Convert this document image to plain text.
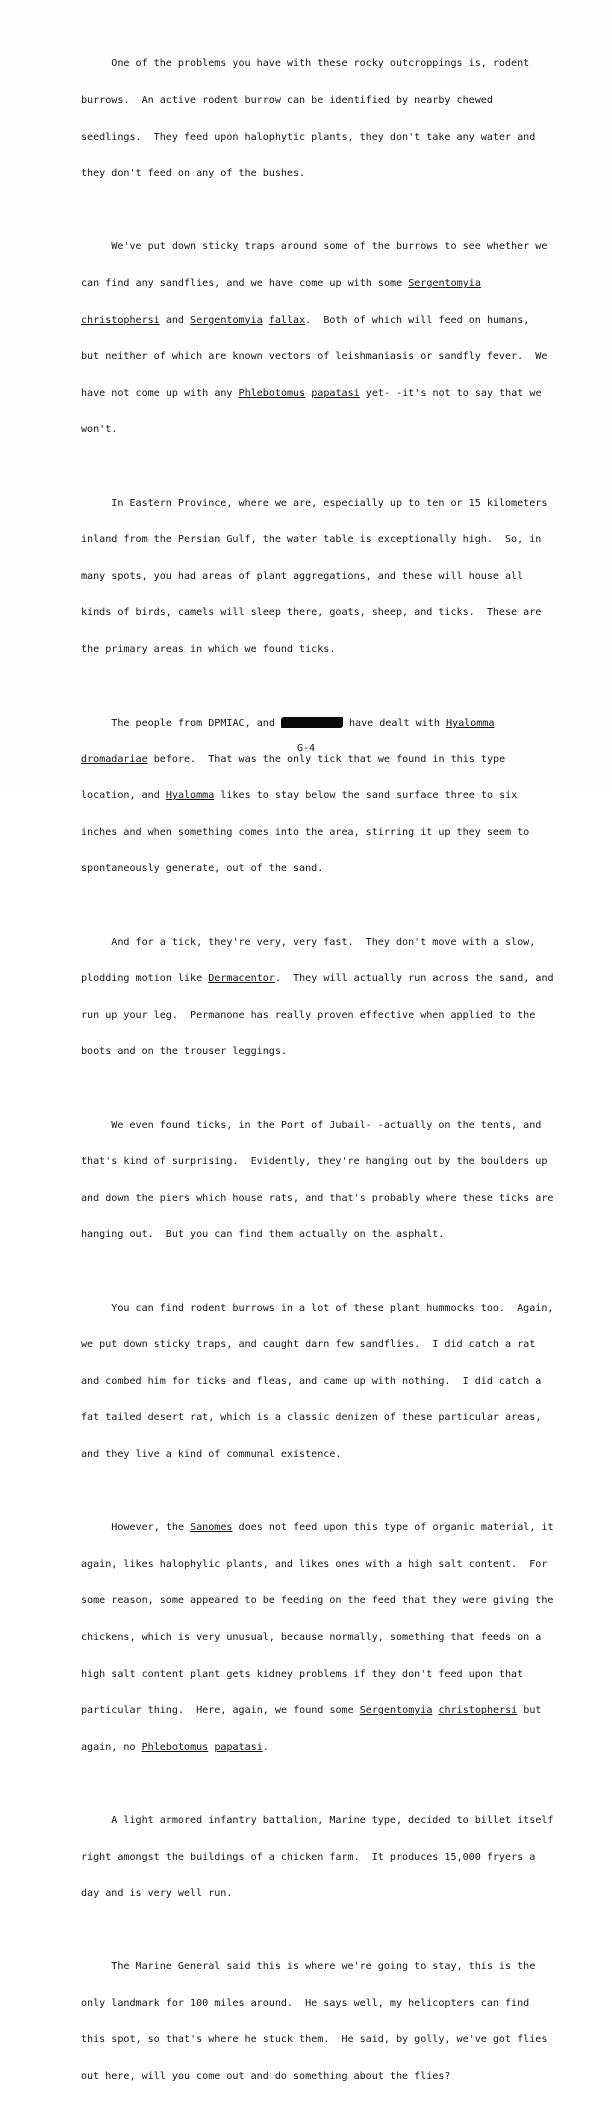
One of the problems you have with these rocky outcroppings is, rodent

burrows.  An active rodent burrow can be identified by nearby chewed

seedlings.  They feed upon halophytic plants, they don't take any water and

they don't feed on any of the bushes.

We've put down sticky traps around some of the burrows to see whether we

can find any sandflies, and we have come up with some Sergentomyia

christophersi and Sergentomyia fallax.  Both of which will feed on humans,

but neither of which are known vectors of leishmaniasis or sandfly fever.  We

have not come up with any Phlebotomus papatasi yet- -it's not to say that we

won't.

In Eastern Province, where we are, especially up to ten or 15 kilometers

inland from the Persian Gulf, the water table is exceptionally high.  So, in

many spots, you had areas of plant aggregations, and these will house all

kinds of birds, camels will sleep there, goats, sheep, and ticks.  These are

the primary areas in which we found ticks.

The people from DPMIAC, and	have dealt with Hyalomma

dromadariae before.  That was the only tick that we found in this type

location, and Hyalomma likes to stay below the sand surface three to six

inches and when something comes into the area, stirring it up they seem to

spontaneously generate, out of the sand.

And for a tick, they're very, very fast.  They don't move with a slow,

plodding motion like Dermacentor.  They will actually run across the sand, and

run up your leg.  Permanone has really proven effective when applied to the

boots and on the trouser leggings.

We even found ticks, in the Port of Jubail- -actually on the tents, and

that's kind of surprising.  Evidently, they're hanging out by the boulders up

and down the piers which house rats, and that's probably where these ticks are

hanging out.  But you can find them actually on the asphalt.

You can find rodent burrows in a lot of these plant hummocks too.  Again,

we put down sticky traps, and caught darn few sandflies.  I did catch a rat

and combed him for ticks and fleas, and came up with nothing.  I did catch a

fat tailed desert rat, which is a classic denizen of these particular areas,

and they live a kind of communal existence.

However, the Sanomes does not feed upon this type of organic material, it

again, likes halophylic plants, and likes ones with a high salt content.  For

some reason, some appeared to be feeding on the feed that they were giving the

chickens, which is very unusual, because normally, something that feeds on a

high salt content plant gets kidney problems if they don't feed upon that

particular thing.  Here, again, we found some Sergentomyia christophersi but

again, no Phlebotomus papatasi.

A light armored infantry battalion, Marine type, decided to billet itself

right amongst the buildings of a chicken farm.  It produces 15,000 fryers a

day and is very well run.

The Marine General said this is where we're going to stay, this is the

only landmark for 100 miles around.  He says well, my helicopters can find

this spot, so that's where he stuck them.  He said, by golly, we've got flies

out here, will you come out and do something about the flies?

G-4
